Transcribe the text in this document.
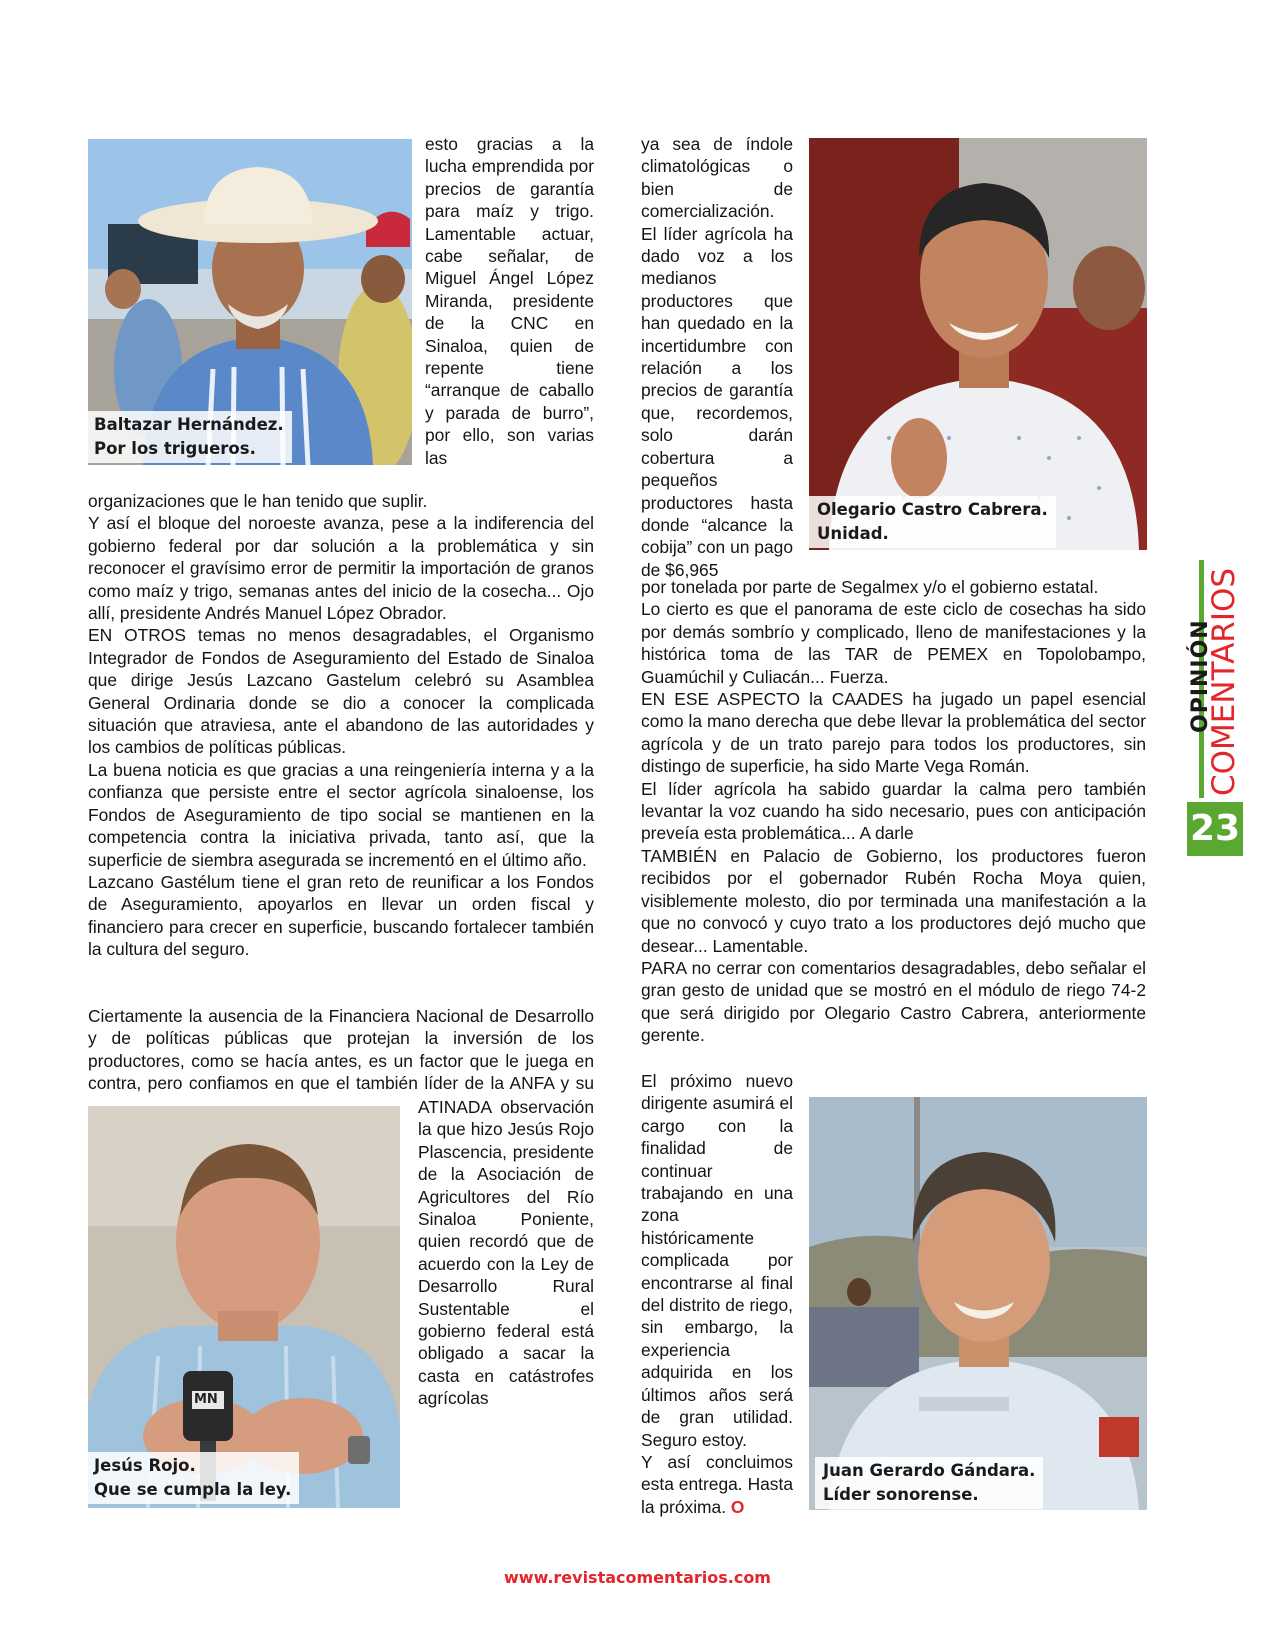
Baltazar Hernández.
Por los trigueros.

esto gracias a la lucha emprendida por precios de garantía para maíz y trigo. Lamentable actuar, cabe señalar, de Miguel Ángel López Miranda, presidente de la CNC en Sinaloa, quien de repente tiene “arranque de caballo y parada de burro”, por ello, son varias las

organizaciones que le han tenido que suplir.

Y así el bloque del noroeste avanza, pese a la indiferencia del gobierno federal por dar solución a la problemática y sin reconocer el gravísimo error de permitir la importación de granos como maíz y trigo, semanas antes del inicio de la cosecha... Ojo allí, presidente Andrés Manuel López Obrador.

EN OTROS temas no menos desagradables, el Organismo Integrador de Fondos de Aseguramiento del Estado de Sinaloa que dirige Jesús Lazcano Gastelum celebró su Asamblea General Ordinaria donde se dio a conocer la complicada situación que atraviesa, ante el abandono de las autoridades y los cambios de políticas públicas.

La buena noticia es que gracias a una reingeniería interna y a la confianza que persiste entre el sector agrícola sinaloense, los Fondos de Aseguramiento de tipo social se mantienen en la competencia contra la iniciativa privada, tanto así, que la superficie de siembra asegurada se incrementó en el último año.

Lazcano Gastélum tiene el gran reto de reunificar a los Fondos de Aseguramiento, apoyarlos en llevar un orden fiscal y financiero para crecer en superficie, buscando fortalecer también la cultura del seguro.

Ciertamente la ausencia de la Financiera Nacional de Desarrollo y de políticas públicas que protejan la inversión de los productores, como se hacía antes, es un factor que le juega en contra, pero confiamos en que el también líder de la ANFA y su

ATINADA observación la que hizo Jesús Rojo Plascencia, presidente de la Asociación de Agricultores del Río Sinaloa Poniente, quien recordó que de acuerdo con la Ley de Desarrollo Rural Sustentable el gobierno federal está obligado a sacar la casta en catástrofes agrícolas

MN
Jesús Rojo.
Que se cumpla la ley.

ya sea de índole climatológicas o bien de comercialización. El líder agrícola ha dado voz a los medianos productores que han quedado en la incertidumbre con relación a los precios de garantía que, recordemos, solo darán cobertura a pequeños productores hasta donde “alcance la cobija” con un pago de $6,965

Olegario Castro Cabrera.
Unidad.

por tonelada por parte de Segalmex y/o el gobierno estatal.

Lo cierto es que el panorama de este ciclo de cosechas ha sido por demás sombrío y complicado, lleno de manifestaciones y la histórica toma de las TAR de PEMEX en Topolobampo, Guamúchil y Culiacán... Fuerza.

EN ESE ASPECTO la CAADES ha jugado un papel esencial como la mano derecha que debe llevar la problemática del sector agrícola y de un trato parejo para todos los productores, sin distingo de superficie, ha sido Marte Vega Román.

El líder agrícola ha sabido guardar la calma pero también levantar la voz cuando ha sido necesario, pues con anticipación preveía esta problemática... A darle

TAMBIÉN en Palacio de Gobierno, los productores fueron recibidos por el gobernador Rubén Rocha Moya quien, visiblemente molesto, dio por terminada una manifestación a la que no convocó y cuyo trato a los productores dejó mucho que desear... Lamentable.

PARA no cerrar con comentarios desagradables, debo señalar el gran gesto de unidad que se mostró en el módulo de riego 74-2 que será dirigido por Olegario Castro Cabrera, anteriormente gerente.

El próximo nuevo dirigente asumirá el cargo con la finalidad de continuar trabajando en una zona históricamente complicada por encontrarse al final del distrito de riego, sin embargo, la experiencia adquirida en los últimos años será de gran utilidad. Seguro estoy.

Y así concluimos esta entrega. Hasta la próxima. O

Juan Gerardo Gándara.
Líder sonorense.
COMENTARIOS
OPINIÓN
23
www.revistacomentarios.com
